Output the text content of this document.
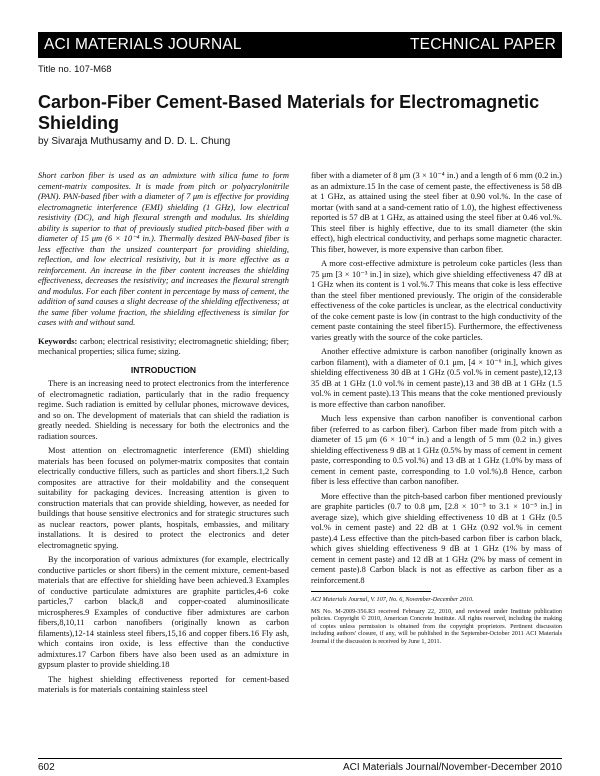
ACI MATERIALS JOURNAL	TECHNICAL PAPER
Title no. 107-M68
Carbon-Fiber Cement-Based Materials for Electromagnetic Shielding
by Sivaraja Muthusamy and D. D. L. Chung

Short carbon fiber is used as an admixture with silica fume to form cement-matrix composites. It is made from pitch or polyacrylonitrile (PAN). PAN-based fiber with a diameter of 7 μm is effective for providing electromagnetic interference (EMI) shielding (1 GHz), low electrical resistivity (DC), and high flexural strength and modulus. Its shielding ability is superior to that of previously studied pitch-based fiber with a diameter of 15 μm (6 × 10⁻⁴ in.). Thermally desized PAN-based fiber is less effective than the unsized counterpart for providing shielding, reflection, and low electrical resistivity, but it is more effective as a reinforcement. An increase in the fiber content increases the shielding effectiveness, decreases the resistivity; and increases the flexural strength and modulus. For each fiber content in percentage by mass of cement, the addition of sand causes a slight decrease of the shielding effectiveness; at the same fiber volume fraction, the shielding effectiveness is similar for cases with and without sand.

Keywords: carbon; electrical resistivity; electromagnetic shielding; fiber; mechanical properties; silica fume; sizing.

INTRODUCTION

There is an increasing need to protect electronics from the interference of electromagnetic radiation, particularly that in the radio frequency regime. Such radiation is emitted by cellular phones, microwave devices, and so on. The development of materials that can shield the radiation is greatly needed. Shielding is necessary for both the electronics and the radiation sources.

Most attention on electromagnetic interference (EMI) shielding materials has been focused on polymer-matrix composites that contain electrically conductive fillers, such as particles and short fibers.1,2 Such composites are attractive for their moldability and the consequent suitability for packaging devices. Increasing attention is given to construction materials that can provide shielding, however, as needed for buildings that house sensitive electronics and for strategic structures such as nuclear reactors, power plants, hospitals, embassies, and military installations. It is desired to protect the electronics and deter electromagnetic spying.

By the incorporation of various admixtures (for example, electrically conductive particles or short fibers) in the cement mixture, cement-based materials that are effective for shielding have been achieved.3 Examples of conductive particulate admixtures are graphite particles,4-6 coke particles,7 carbon black,8 and copper-coated aluminosilicate microspheres.9 Examples of conductive fiber admixtures are carbon fibers,8,10,11 carbon nanofibers (originally known as carbon filaments),12-14 stainless steel fibers,15,16 and copper fibers.16 Fly ash, which contains iron oxide, is less effective than the conductive admixtures.17 Carbon fibers have also been used as an admixture in gypsum plaster to provide shielding.18

The highest shielding effectiveness reported for cement-based materials is for materials containing stainless steel

fiber with a diameter of 8 μm (3 × 10⁻⁴ in.) and a length of 6 mm (0.2 in.) as an admixture.15 In the case of cement paste, the effectiveness is 58 dB at 1 GHz, as attained using the steel fiber at 0.90 vol.%. In the case of mortar (with sand at a sand-cement ratio of 1.0), the highest effectiveness reported is 57 dB at 1 GHz, as attained using the steel fiber at 0.46 vol.%. This steel fiber is highly effective, due to its small diameter (the skin effect), high electrical conductivity, and perhaps some magnetic character. This fiber, however, is more expensive than carbon fiber.

A more cost-effective admixture is petroleum coke particles (less than 75 μm [3 × 10⁻³ in.] in size), which give shielding effectiveness 47 dB at 1 GHz when its content is 1 vol.%.7 This means that coke is less effective than the steel fiber mentioned previously. The origin of the considerable effectiveness of the coke particles is unclear, as the electrical conductivity of the coke cement paste is low (in contrast to the high conductivity of the cement paste containing the steel fiber15). Furthermore, the effectiveness varies greatly with the source of the coke particles.

Another effective admixture is carbon nanofiber (originally known as carbon filament), with a diameter of 0.1 μm, [4 × 10⁻⁶ in.], which gives shielding effectiveness 30 dB at 1 GHz (0.5 vol.% in cement paste),12,13 35 dB at 1 GHz (1.0 vol.% in cement paste),13 and 38 dB at 1 GHz (1.5 vol.% in cement paste).13 This means that the coke mentioned previously is more effective than carbon nanofiber.

Much less expensive than carbon nanofiber is conventional carbon fiber (referred to as carbon fiber). Carbon fiber made from pitch with a diameter of 15 μm (6 × 10⁻⁴ in.) and a length of 5 mm (0.2 in.) gives shielding effectiveness 9 dB at 1 GHz (0.5% by mass of cement in cement paste, corresponding to 0.5 vol.%) and 13 dB at 1 GHz (1.0% by mass of cement in cement paste, corresponding to 1.0 vol.%).8 Hence, carbon fiber is less effective than carbon nanofiber.

More effective than the pitch-based carbon fiber mentioned previously are graphite particles (0.7 to 0.8 μm, [2.8 × 10⁻⁵ to 3.1 × 10⁻⁵ in.] in average size), which give shielding effectiveness 10 dB at 1 GHz (0.5 vol.% in cement paste) and 22 dB at 1 GHz (0.92 vol.% in cement paste).4 Less effective than the pitch-based carbon fiber is carbon black, which gives shielding effectiveness 9 dB at 1 GHz (1% by mass of cement in cement paste) and 12 dB at 1 GHz (2% by mass of cement in cement paste).8 Carbon black is not as effective as carbon fiber as a reinforcement.8

ACI Materials Journal, V. 107, No. 6, November-December 2010.

MS No. M-2009-356.R3 received February 22, 2010, and reviewed under Institute publication policies. Copyright © 2010, American Concrete Institute. All rights reserved, including the making of copies unless permission is obtained from the copyright proprietors. Pertinent discussion including authors' closure, if any, will be published in the September-October 2011 ACI Materials Journal if the discussion is received by June 1, 2011.

602	ACI Materials Journal/November-December 2010
